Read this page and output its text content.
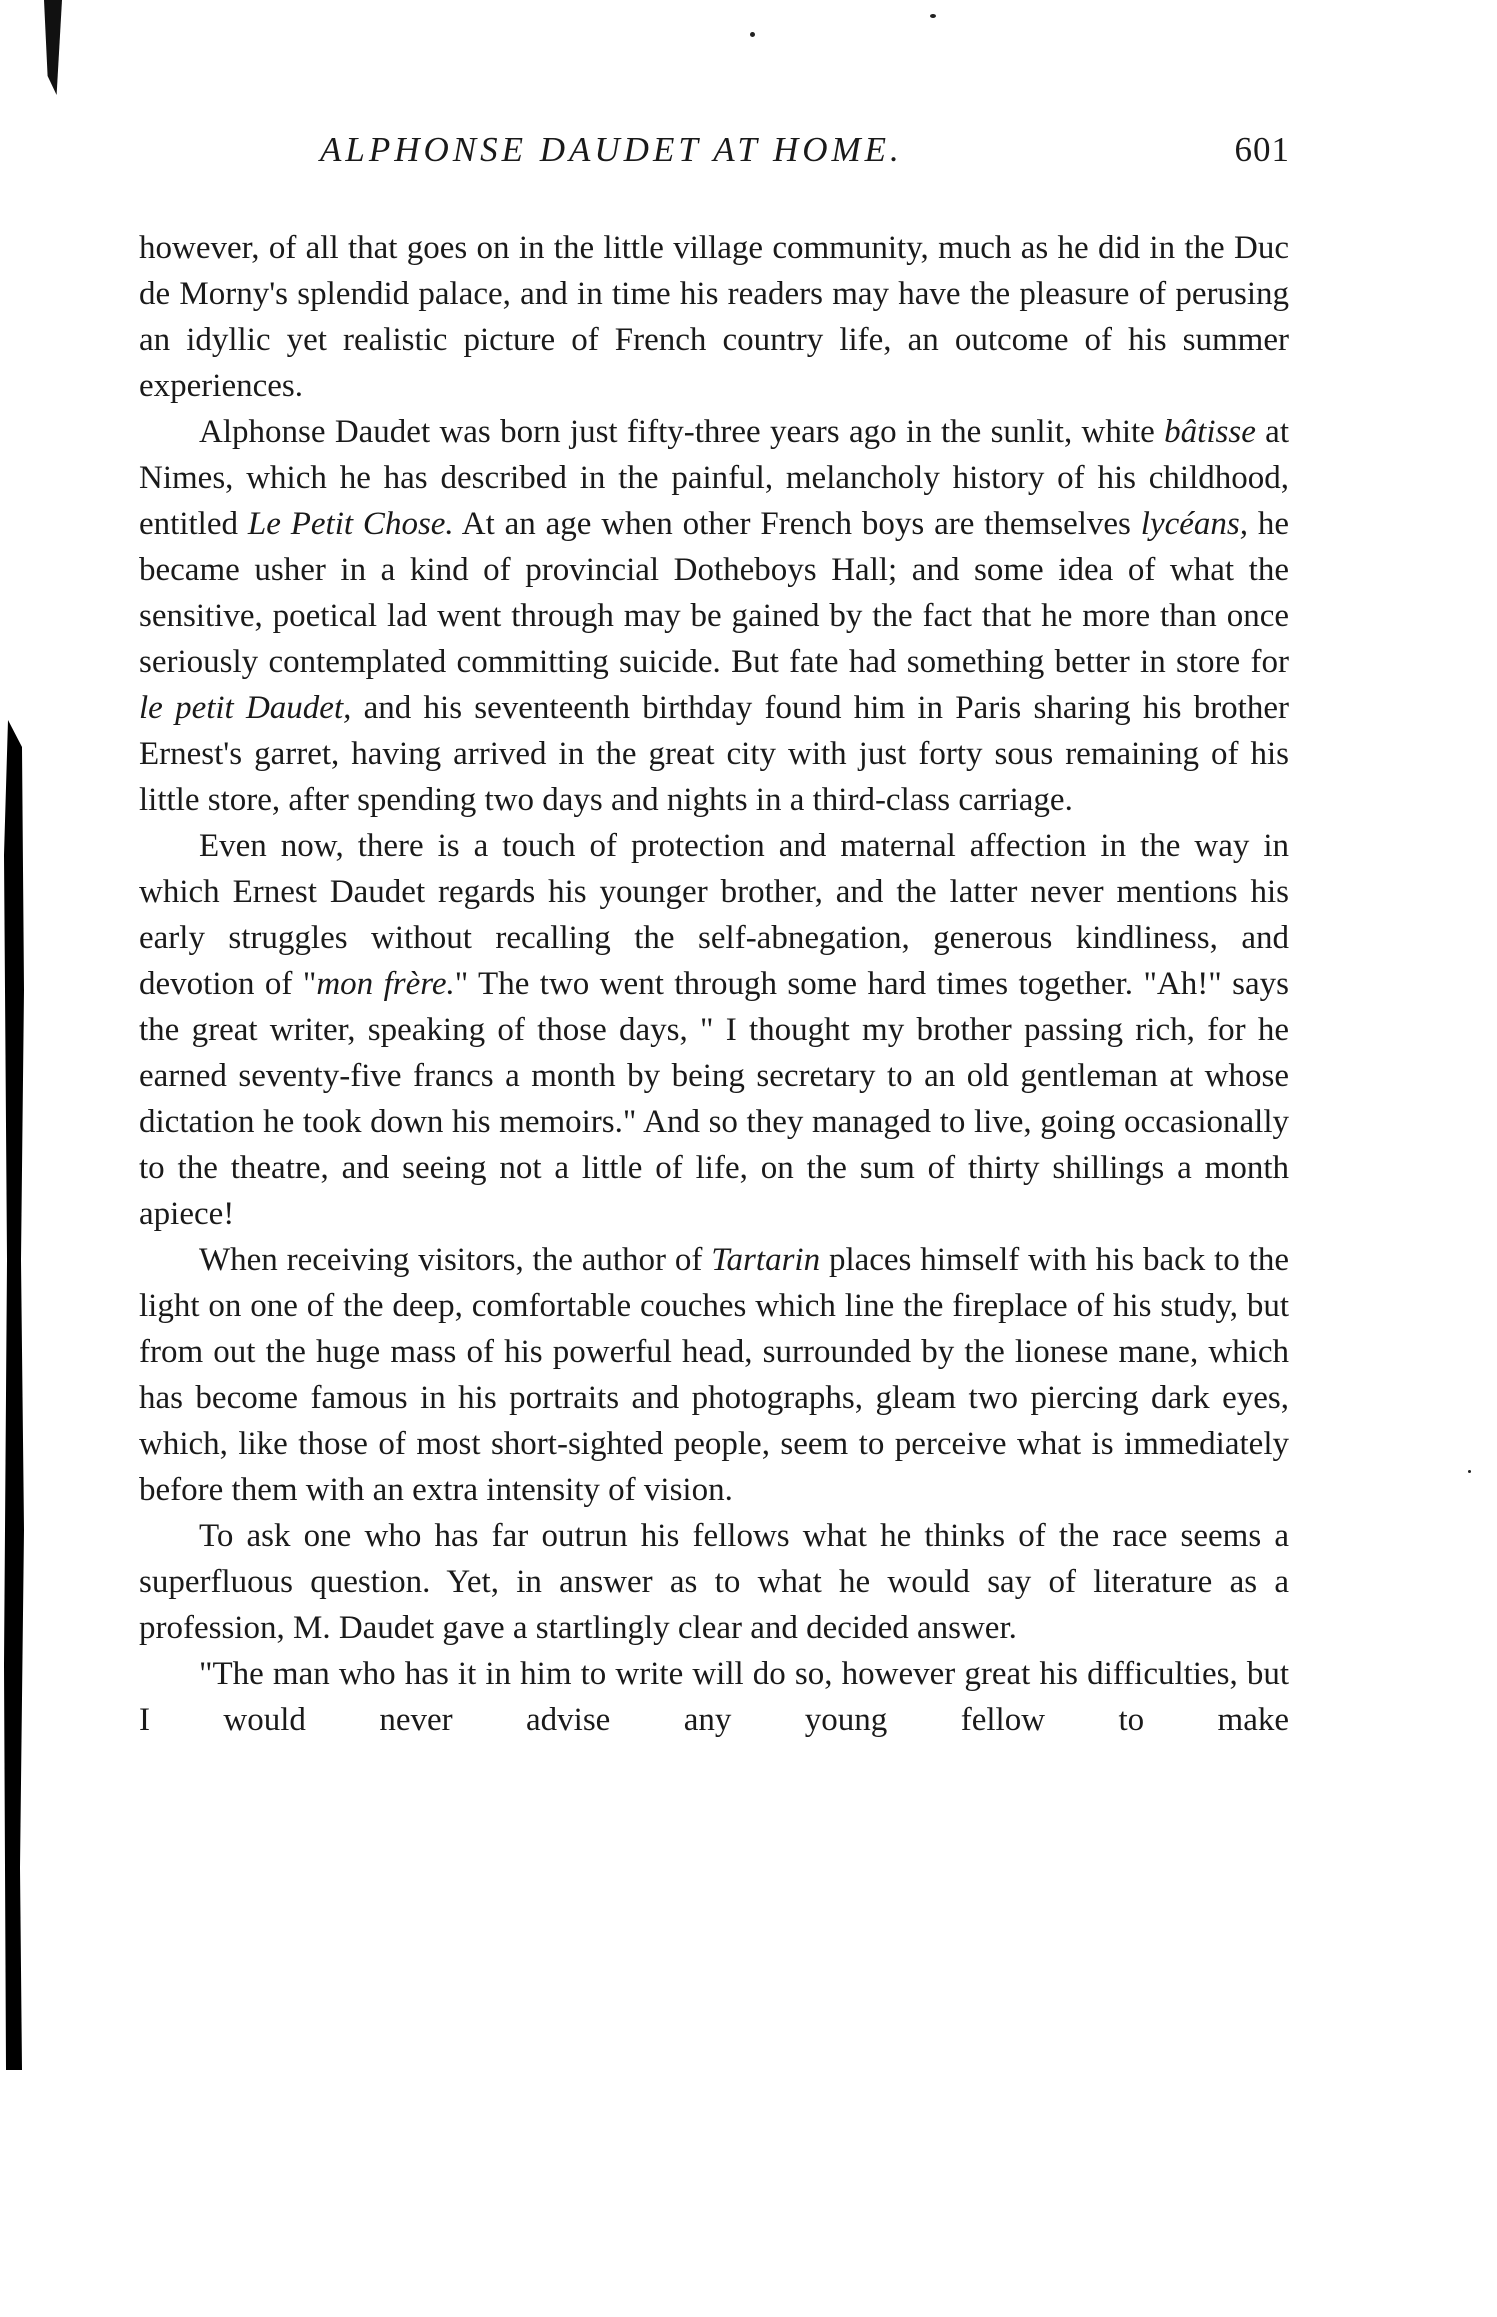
ALPHONSE DAUDET AT HOME.	601

however, of all that goes on in the little village community, much as he did in the Duc de Morny's splendid palace, and in time his readers may have the pleasure of perusing an idyllic yet realistic picture of French country life, an outcome of his summer experiences.

Alphonse Daudet was born just fifty-three years ago in the sunlit, white bâtisse at Nimes, which he has described in the painful, melancholy history of his childhood, entitled Le Petit Chose. At an age when other French boys are themselves lycéans, he became usher in a kind of provincial Dotheboys Hall; and some idea of what the sensitive, poetical lad went through may be gained by the fact that he more than once seriously contemplated committing suicide. But fate had something better in store for le petit Daudet, and his seventeenth birthday found him in Paris sharing his brother Ernest's garret, having arrived in the great city with just forty sous remaining of his little store, after spending two days and nights in a third-class carriage.

Even now, there is a touch of protection and maternal affection in the way in which Ernest Daudet regards his younger brother, and the latter never mentions his early struggles without recalling the self-abnegation, generous kindliness, and devotion of "mon frère." The two went through some hard times together. "Ah!" says the great writer, speaking of those days, " I thought my brother passing rich, for he earned seventy-five francs a month by being secretary to an old gentleman at whose dictation he took down his memoirs." And so they managed to live, going occasionally to the theatre, and seeing not a little of life, on the sum of thirty shillings a month apiece!

When receiving visitors, the author of Tartarin places himself with his back to the light on one of the deep, comfortable couches which line the fireplace of his study, but from out the huge mass of his powerful head, surrounded by the lionese mane, which has become famous in his portraits and photographs, gleam two piercing dark eyes, which, like those of most short-sighted people, seem to perceive what is immediately before them with an extra intensity of vision.

To ask one who has far outrun his fellows what he thinks of the race seems a superfluous question. Yet, in answer as to what he would say of literature as a profession, M. Daudet gave a startlingly clear and decided answer.

"The man who has it in him to write will do so, however great his difficulties, but I would never advise any young fellow to make
